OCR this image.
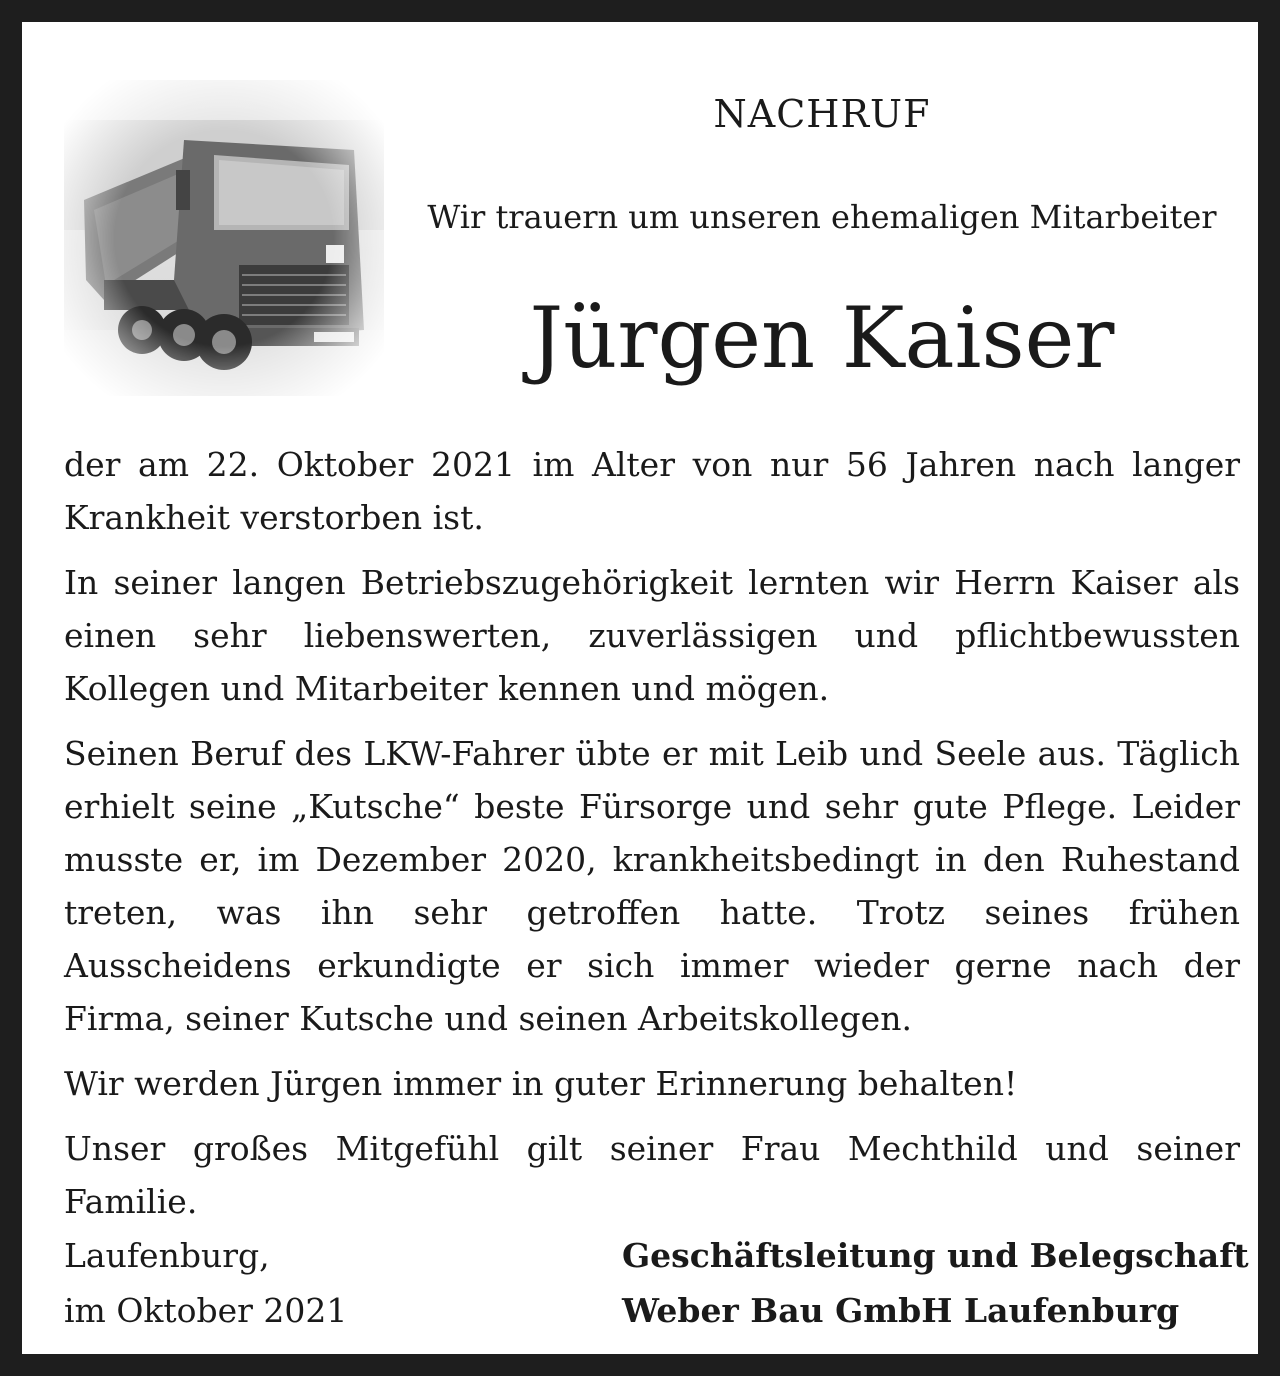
NACHRUF
Wir trauern um unseren ehemaligen Mitarbeiter
Jürgen Kaiser

der am 22. Oktober 2021 im Alter von nur 56 Jahren nach langer Krankheit verstorben ist.

In seiner langen Betriebszugehörigkeit lernten wir Herrn Kaiser als einen sehr liebenswerten, zuverlässigen und pflichtbewussten Kollegen und Mitarbeiter kennen und mögen.

Seinen Beruf des LKW-Fahrer übte er mit Leib und Seele aus. Täglich erhielt seine „Kutsche“ beste Fürsorge und sehr gute Pflege. Leider musste er, im Dezember 2020, krankheitsbedingt in den Ruhestand treten, was ihn sehr getroffen hatte. Trotz seines frühen Ausscheidens erkundigte er sich immer wieder gerne nach der Firma, seiner Kutsche und seinen Arbeitskollegen.

Wir werden Jürgen immer in guter Erinnerung behalten!

Unser großes Mitgefühl gilt seiner Frau Mechthild und seiner Familie.

Laufenburg,
im Oktober 2021
Geschäftsleitung und Belegschaft
Weber Bau GmbH Laufenburg
